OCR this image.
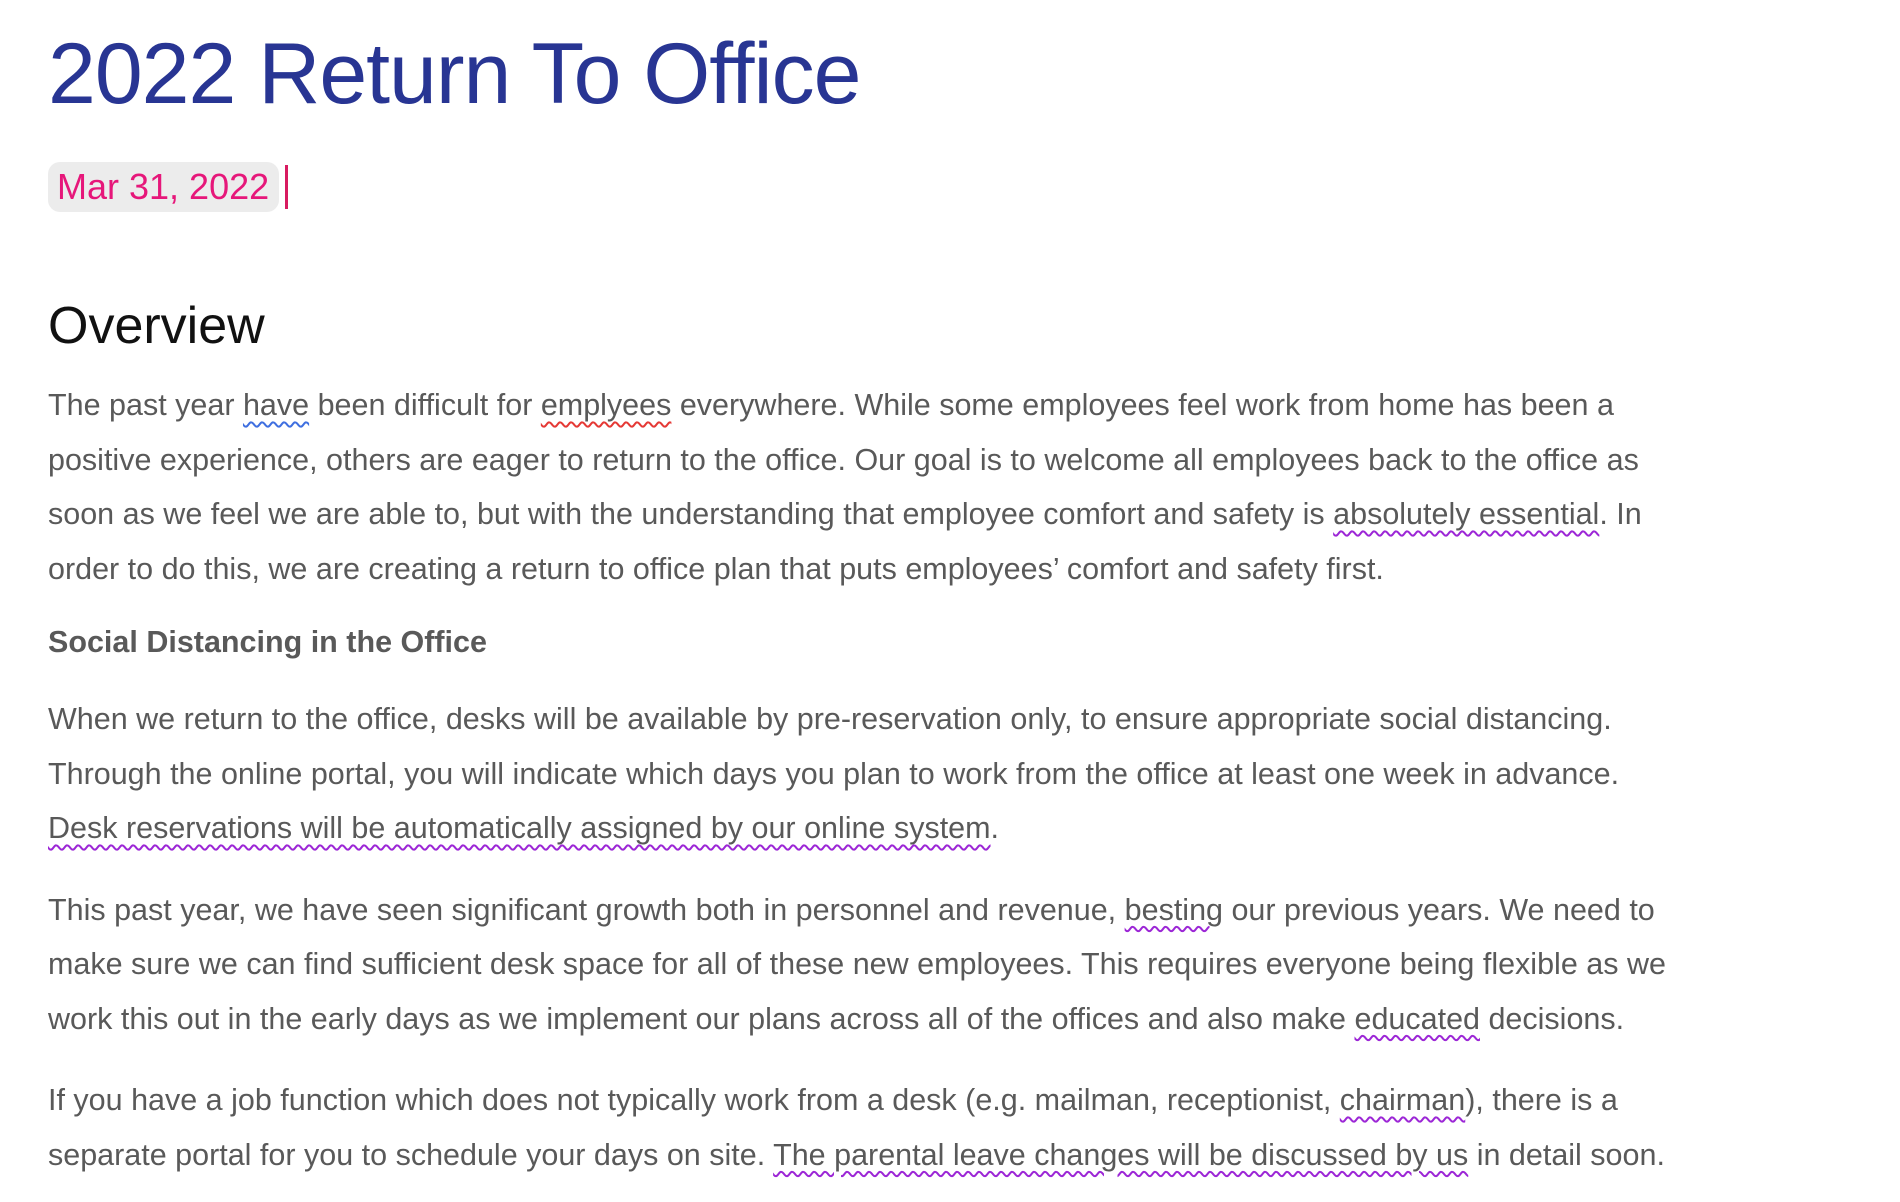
2022 Return To Office
Mar 31, 2022
Overview

The past year have been difficult for emplyees everywhere. While some employees feel work from home has been a
positive experience, others are eager to return to the office. Our goal is to welcome all employees back to the office as
soon as we feel we are able to, but with the understanding that employee comfort and safety is absolutely essential. In
order to do this, we are creating a return to office plan that puts employees’ comfort and safety first.

Social Distancing in the Office

When we return to the office, desks will be available by pre-reservation only, to ensure appropriate social distancing.
Through the online portal, you will indicate which days you plan to work from the office at least one week in advance.
Desk reservations will be automatically assigned by our online system.

This past year, we have seen significant growth both in personnel and revenue, besting our previous years. We need to
make sure we can find sufficient desk space for all of these new employees. This requires everyone being flexible as we
work this out in the early days as we implement our plans across all of the offices and also make educated decisions.

If you have a job function which does not typically work from a desk (e.g. mailman, receptionist, chairman), there is a
separate portal for you to schedule your days on site. The parental leave changes will be discussed by us in detail soon.
